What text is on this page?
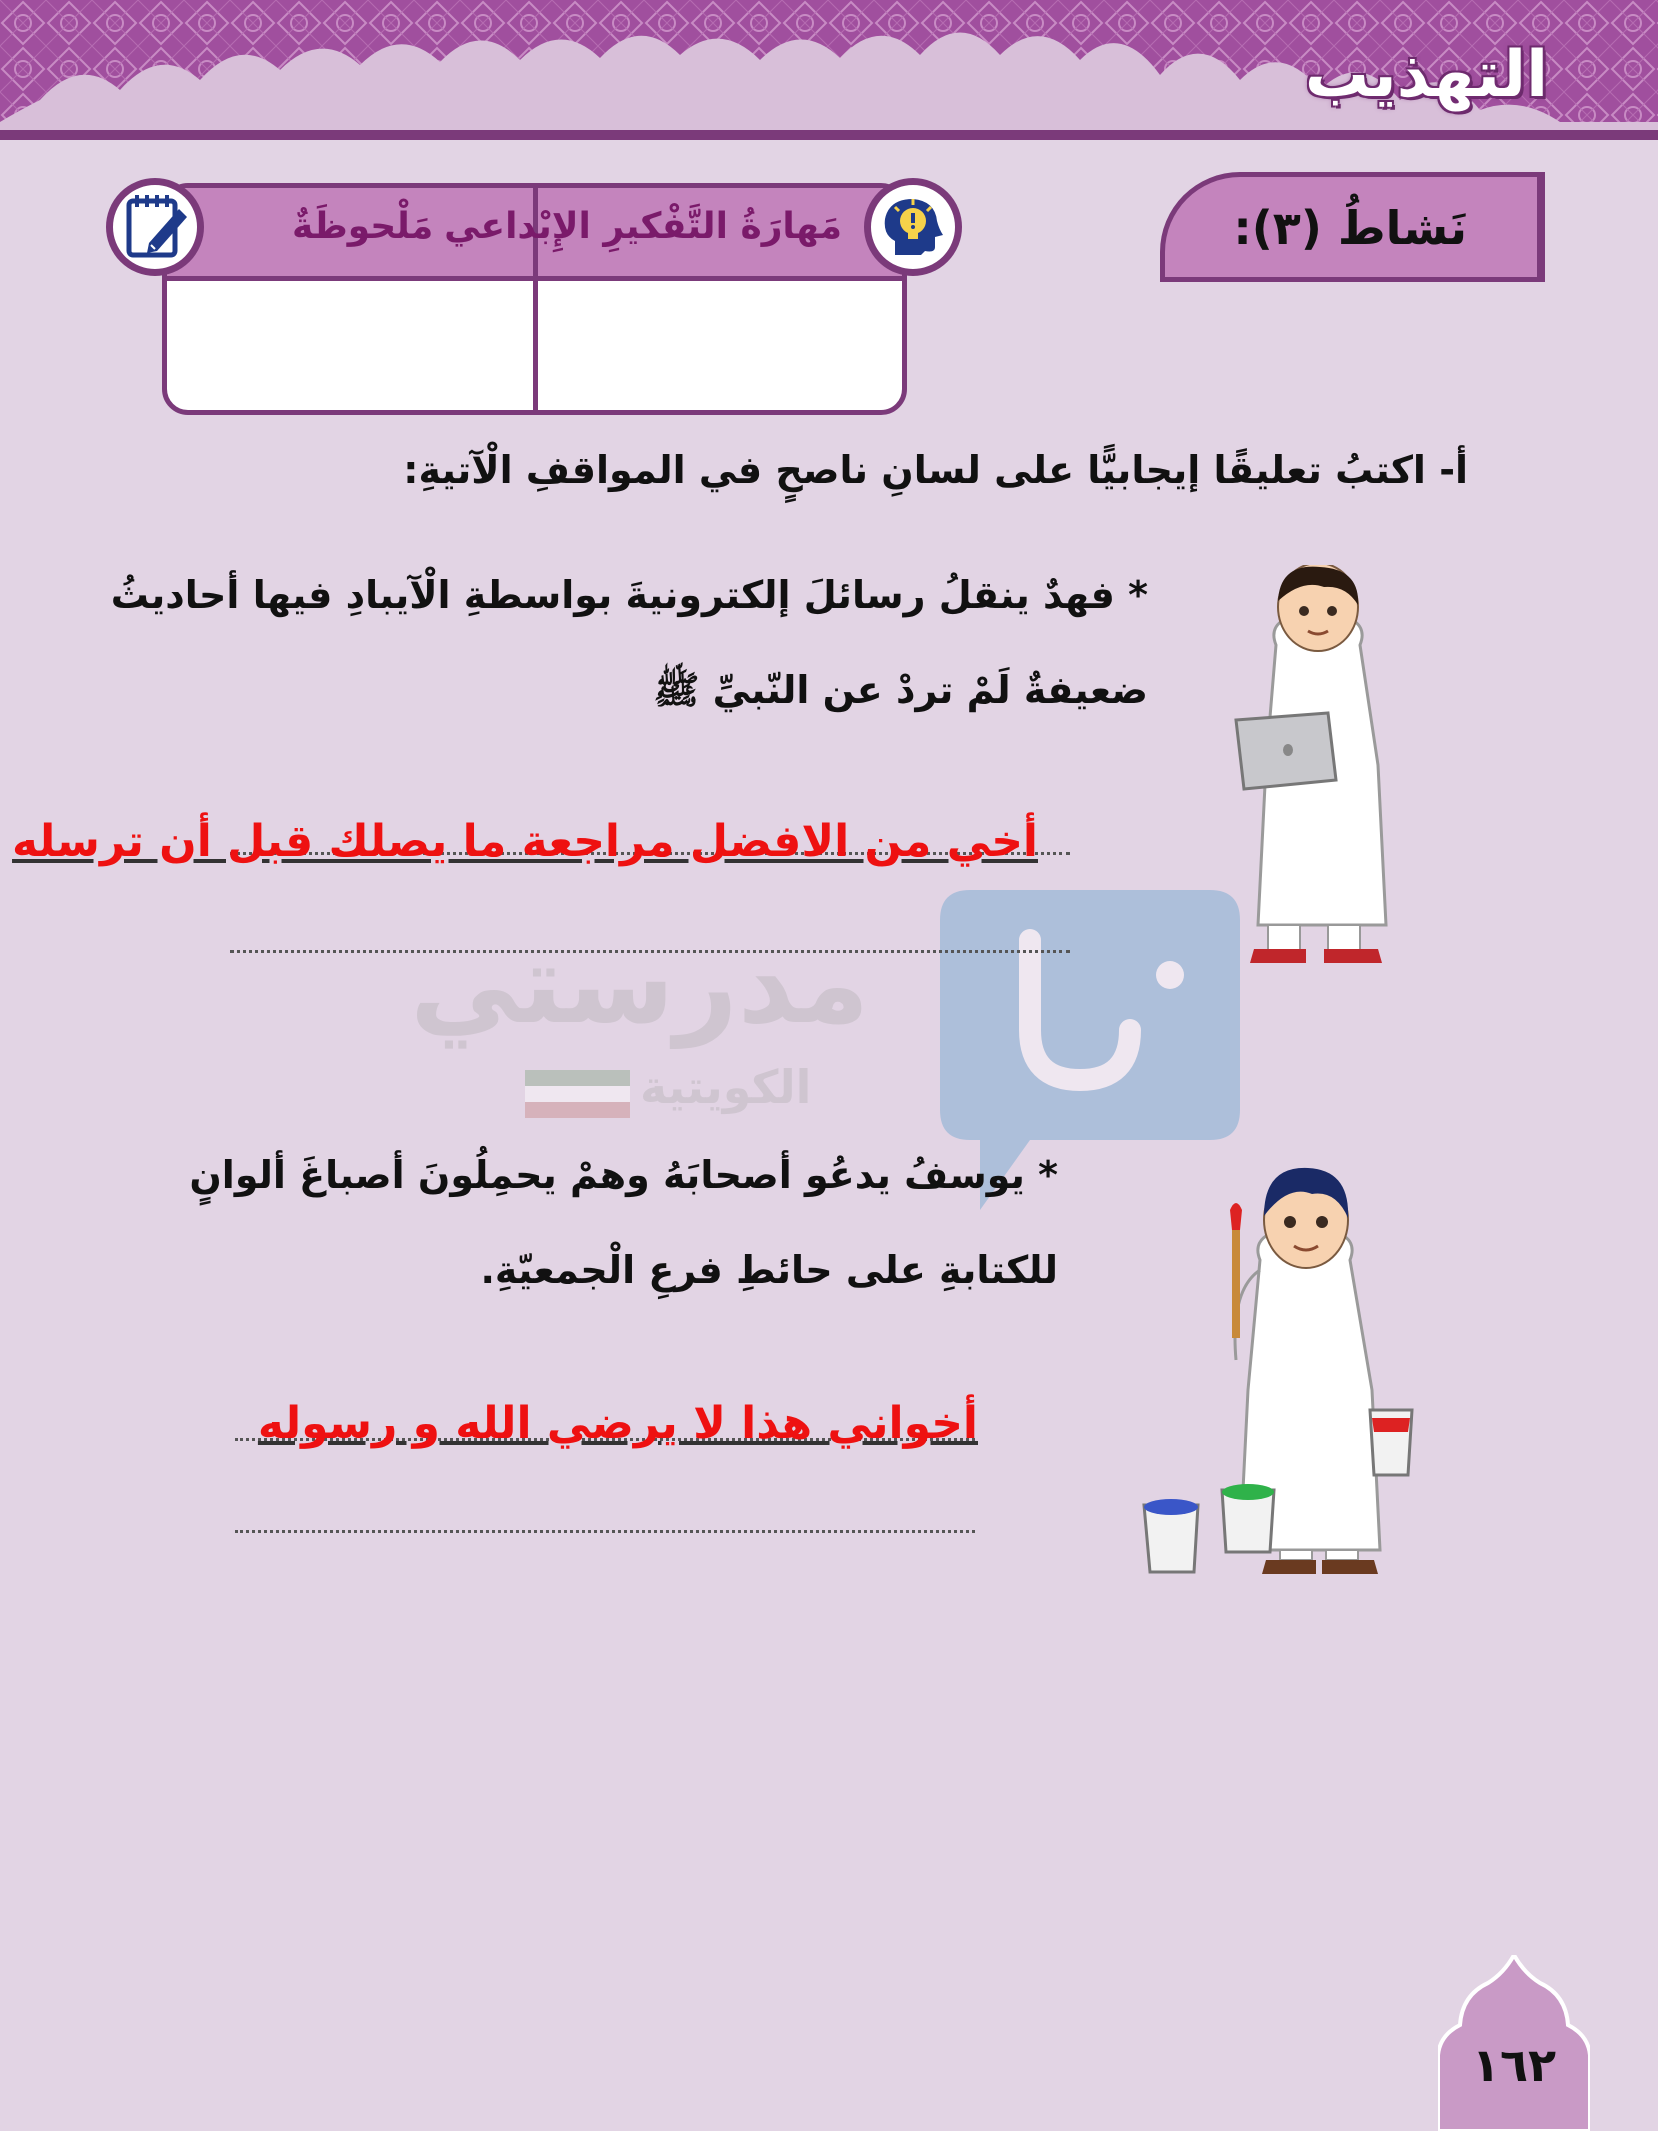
التهذيب
نَشاطُ (٣):
مَهارَةُ التَّفْكيرِ الإِبْداعي
مَلْحوظَةٌ

أ- اكتبُ تعليقًا إيجابيًّا على لسانِ ناصحٍ في المواقفِ الْآتيةِ:

مدرستي
الكويتية

* فهدٌ ينقلُ رسائلَ إلكترونيةَ بواسطةِ الْآيبادِ فيها أحاديثُ
ضعيفةٌ لَمْ تردْ عن النّبيِّ ﷺ

أخي من الافضل مراجعة ما يصلك قبل أن ترسله

* يوسفُ يدعُو أصحابَهُ وهمْ يحمِلُونَ أصباغَ ألوانٍ
للكتابةِ على حائطِ فرعِ الْجمعيّةِ.

أخواني هذا لا يرضي الله و رسوله

١٦٢
